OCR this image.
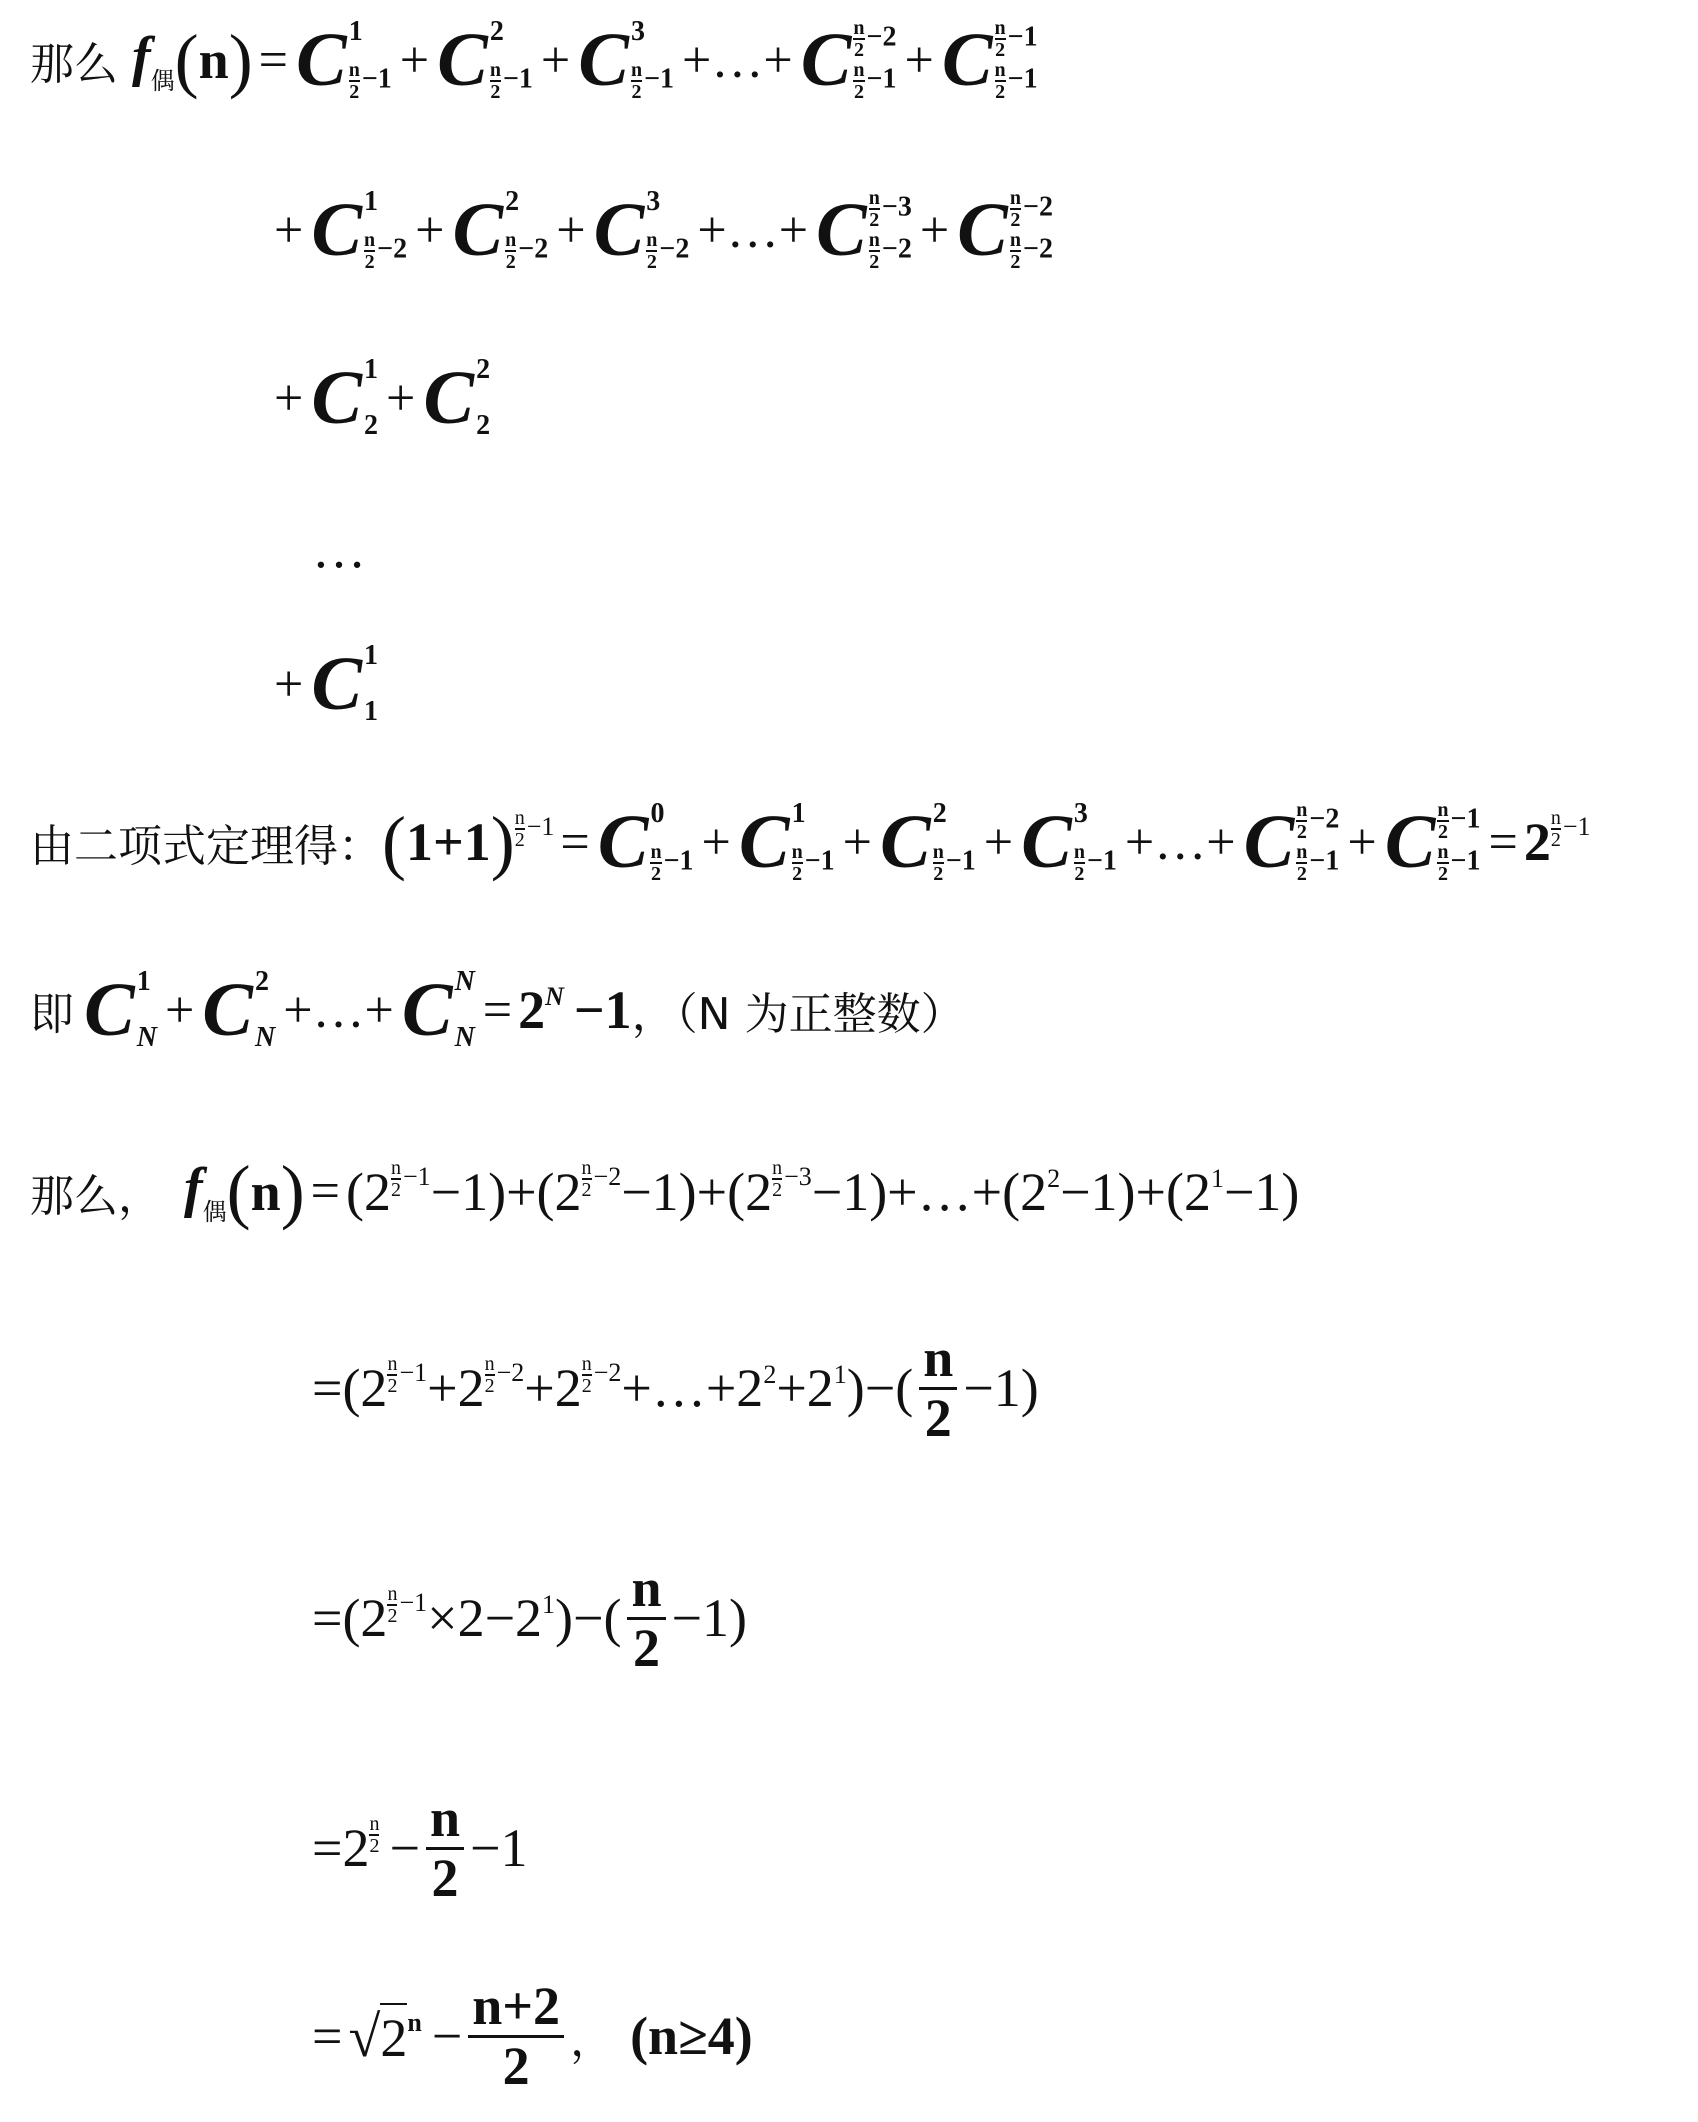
那么 f偶 ( n ) = C 1
$\frac{n}{2} -1 + C$ 2
$\frac{n}{2} -1 + C$ 3
$\frac{n}{2} -1$ +…+ C $\frac{n}{2} -2$
$\frac{n}{2} -1 + C \frac{n}{2} -1$
$\frac{n}{2} -1$
+ C 1
$\frac{n}{2} -2 + C$ 2
$\frac{n}{2} -2 + C$ 3
$\frac{n}{2} -2$ +…+ C $\frac{n}{2} -3$
$\frac{n}{2} -2 + C \frac{n}{2} -2$
$\frac{n}{2} -2$
+ C 1
2 + C 2
2
…
+ C 1
1
由二项式定理得： ( 1+1 ) $\frac{n}{2} -1 = C$ 0
$\frac{n}{2} -1 + C$ 1
$\frac{n}{2} -1 + C$ 2
$\frac{n}{2} -1 + C$ 3
$\frac{n}{2} -1$ +…+ C $\frac{n}{2} -2$
$\frac{n}{2} -1 + C \frac{n}{2} -1$
$\frac{n}{2} -1 = 2 \frac{n}{2} -1$
即 C 1
N + C 2
N +…+ C N
N = 2 N −1 ，（N 为正整数）
那么， f偶 ( n ) = $(2 \frac{n}{2} -1 -1)+(2 \frac{n}{2} -2 -1)+(2 \frac{n}{2} -3$ −1)+…+(2 2 −1)+(2 1 −1)
$=(2 \frac{n}{2} -1 +2 \frac{n}{2} -2 +2 \frac{n}{2} -2$ +…+2 2 +2 1 )−( $\frac{n}{2} -1$)
$=(2 \frac{n}{2} -1 \times 2-2$ 1 )−( $\frac{n}{2} -1$)
$=2 \frac{n}{2} - \frac{n}{2} -1$
= √ 2 $n - \frac{n+2}{2}$ ， (n≥4)
